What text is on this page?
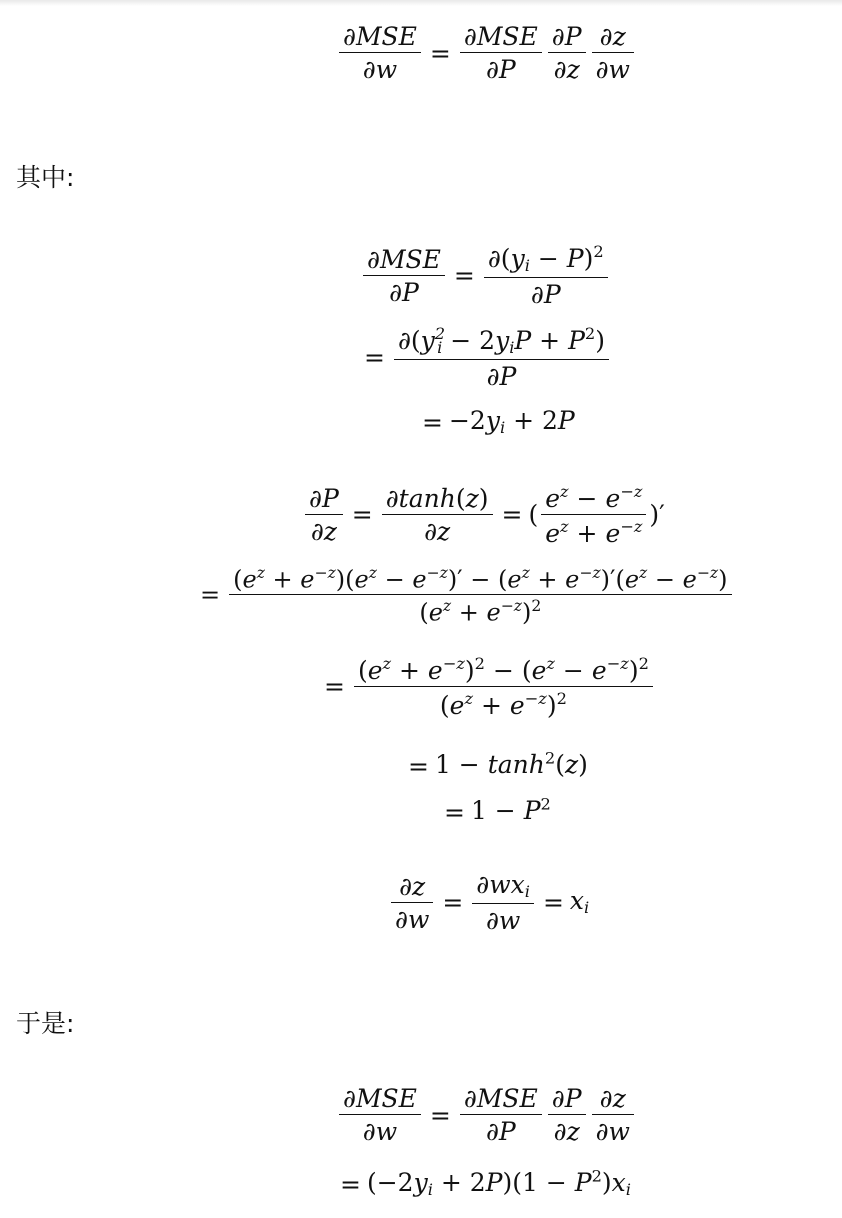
$\frac{\text{∂MSE}}{\partial w} = \frac{\text{∂MSE}}{\partial P} \frac{\partial P}{\partial z} \frac{\partial z}{\partial w}$
其中:
$\frac{\text{∂MSE}}{\partial P} = \frac{\partial(y_i - P)^2}{\partial P}$
= $\frac{\partial(y^2_i - 2y_iP + P^2)}{\partial P}$
= $-2y_i + 2P$
$\frac{\partial P}{\partial z} = \frac{\partial\tanh(z)}{\partial z}$ = ( $\frac{e^z - e^{-z}}{e^z + e^{-z}}$ )′
= $\frac{(e^z + e^{-z})(e^z - e^{-z})' - (e^z + e^{-z})'(e^z - e^{-z})}{(e^z + e^{-z})^2}$
= $\frac{(e^z + e^{-z})^2 - (e^z - e^{-z})^2}{(e^z + e^{-z})^2}$
= $1 - \tanh^2(z)$
= $1 - P^2$
$\frac{\partial z}{\partial w} = \frac{\partial wx_i}{\partial w} = x_i$
于是:
$\frac{\text{∂MSE}}{\partial w} = \frac{\text{∂MSE}}{\partial P} \frac{\partial P}{\partial z} \frac{\partial z}{\partial w}$
= $(-2y_i + 2P)(1 - P^2)x_i$
